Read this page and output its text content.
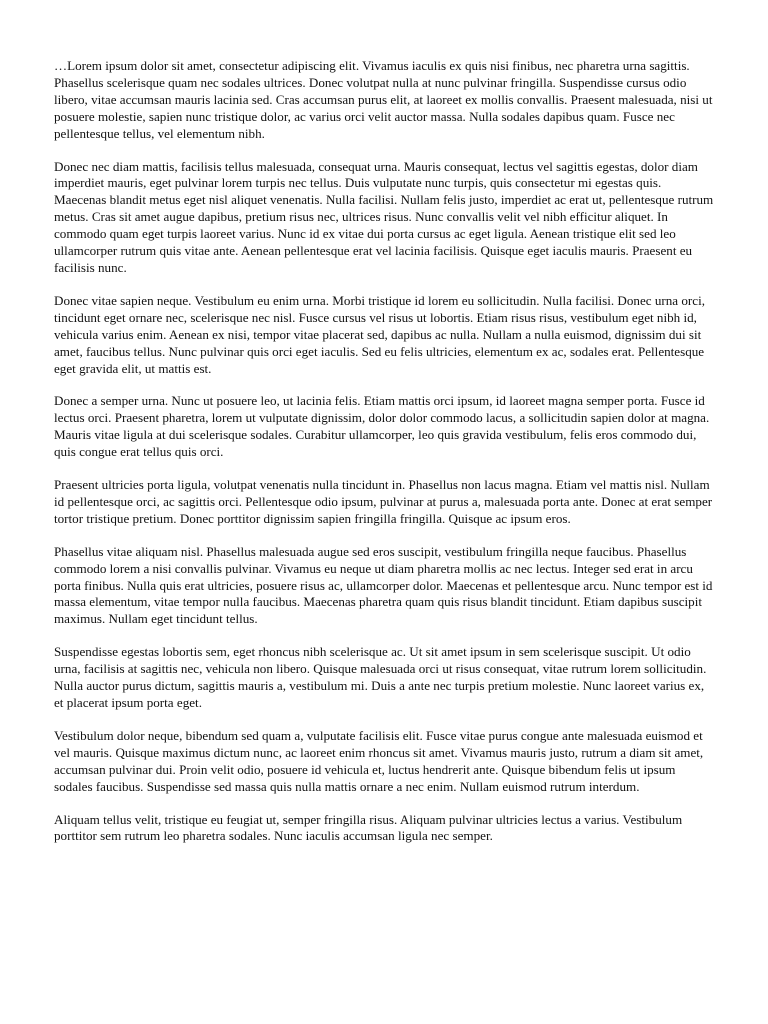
…Lorem ipsum dolor sit amet, consectetur adipiscing elit. Vivamus iaculis ex quis nisi finibus, nec pharetra urna sagittis. Phasellus scelerisque quam nec sodales ultrices. Donec volutpat nulla at nunc pulvinar fringilla. Suspendisse cursus odio libero, vitae accumsan mauris lacinia sed. Cras accumsan purus elit, at laoreet ex mollis convallis. Praesent malesuada, nisi ut posuere molestie, sapien nunc tristique dolor, ac varius orci velit auctor massa. Nulla sodales dapibus quam. Fusce nec pellentesque tellus, vel elementum nibh.

Donec nec diam mattis, facilisis tellus malesuada, consequat urna. Mauris consequat, lectus vel sagittis egestas, dolor diam imperdiet mauris, eget pulvinar lorem turpis nec tellus. Duis vulputate nunc turpis, quis consectetur mi egestas quis. Maecenas blandit metus eget nisl aliquet venenatis. Nulla facilisi. Nullam felis justo, imperdiet ac erat ut, pellentesque rutrum metus. Cras sit amet augue dapibus, pretium risus nec, ultrices risus. Nunc convallis velit vel nibh efficitur aliquet. In commodo quam eget turpis laoreet varius. Nunc id ex vitae dui porta cursus ac eget ligula. Aenean tristique elit sed leo ullamcorper rutrum quis vitae ante. Aenean pellentesque erat vel lacinia facilisis. Quisque eget iaculis mauris. Praesent eu facilisis nunc.

Donec vitae sapien neque. Vestibulum eu enim urna. Morbi tristique id lorem eu sollicitudin. Nulla facilisi. Donec urna orci, tincidunt eget ornare nec, scelerisque nec nisl. Fusce cursus vel risus ut lobortis. Etiam risus risus, vestibulum eget nibh id, vehicula varius enim. Aenean ex nisi, tempor vitae placerat sed, dapibus ac nulla. Nullam a nulla euismod, dignissim dui sit amet, faucibus tellus. Nunc pulvinar quis orci eget iaculis. Sed eu felis ultricies, elementum ex ac, sodales erat. Pellentesque eget gravida elit, ut mattis est.

Donec a semper urna. Nunc ut posuere leo, ut lacinia felis. Etiam mattis orci ipsum, id laoreet magna semper porta. Fusce id lectus orci. Praesent pharetra, lorem ut vulputate dignissim, dolor dolor commodo lacus, a sollicitudin sapien dolor at magna. Mauris vitae ligula at dui scelerisque sodales. Curabitur ullamcorper, leo quis gravida vestibulum, felis eros commodo dui, quis congue erat tellus quis orci.

Praesent ultricies porta ligula, volutpat venenatis nulla tincidunt in. Phasellus non lacus magna. Etiam vel mattis nisl. Nullam id pellentesque orci, ac sagittis orci. Pellentesque odio ipsum, pulvinar at purus a, malesuada porta ante. Donec at erat semper tortor tristique pretium. Donec porttitor dignissim sapien fringilla fringilla. Quisque ac ipsum eros.

Phasellus vitae aliquam nisl. Phasellus malesuada augue sed eros suscipit, vestibulum fringilla neque faucibus. Phasellus commodo lorem a nisi convallis pulvinar. Vivamus eu neque ut diam pharetra mollis ac nec lectus. Integer sed erat in arcu porta finibus. Nulla quis erat ultricies, posuere risus ac, ullamcorper dolor. Maecenas et pellentesque arcu. Nunc tempor est id massa elementum, vitae tempor nulla faucibus. Maecenas pharetra quam quis risus blandit tincidunt. Etiam dapibus suscipit maximus. Nullam eget tincidunt tellus.

Suspendisse egestas lobortis sem, eget rhoncus nibh scelerisque ac. Ut sit amet ipsum in sem scelerisque suscipit. Ut odio urna, facilisis at sagittis nec, vehicula non libero. Quisque malesuada orci ut risus consequat, vitae rutrum lorem sollicitudin. Nulla auctor purus dictum, sagittis mauris a, vestibulum mi. Duis a ante nec turpis pretium molestie. Nunc laoreet varius ex, et placerat ipsum porta eget.

Vestibulum dolor neque, bibendum sed quam a, vulputate facilisis elit. Fusce vitae purus congue ante malesuada euismod et vel mauris. Quisque maximus dictum nunc, ac laoreet enim rhoncus sit amet. Vivamus mauris justo, rutrum a diam sit amet, accumsan pulvinar dui. Proin velit odio, posuere id vehicula et, luctus hendrerit ante. Quisque bibendum felis ut ipsum sodales faucibus. Suspendisse sed massa quis nulla mattis ornare a nec enim. Nullam euismod rutrum interdum.

Aliquam tellus velit, tristique eu feugiat ut, semper fringilla risus. Aliquam pulvinar ultricies lectus a varius. Vestibulum porttitor sem rutrum leo pharetra sodales. Nunc iaculis accumsan ligula nec semper.
